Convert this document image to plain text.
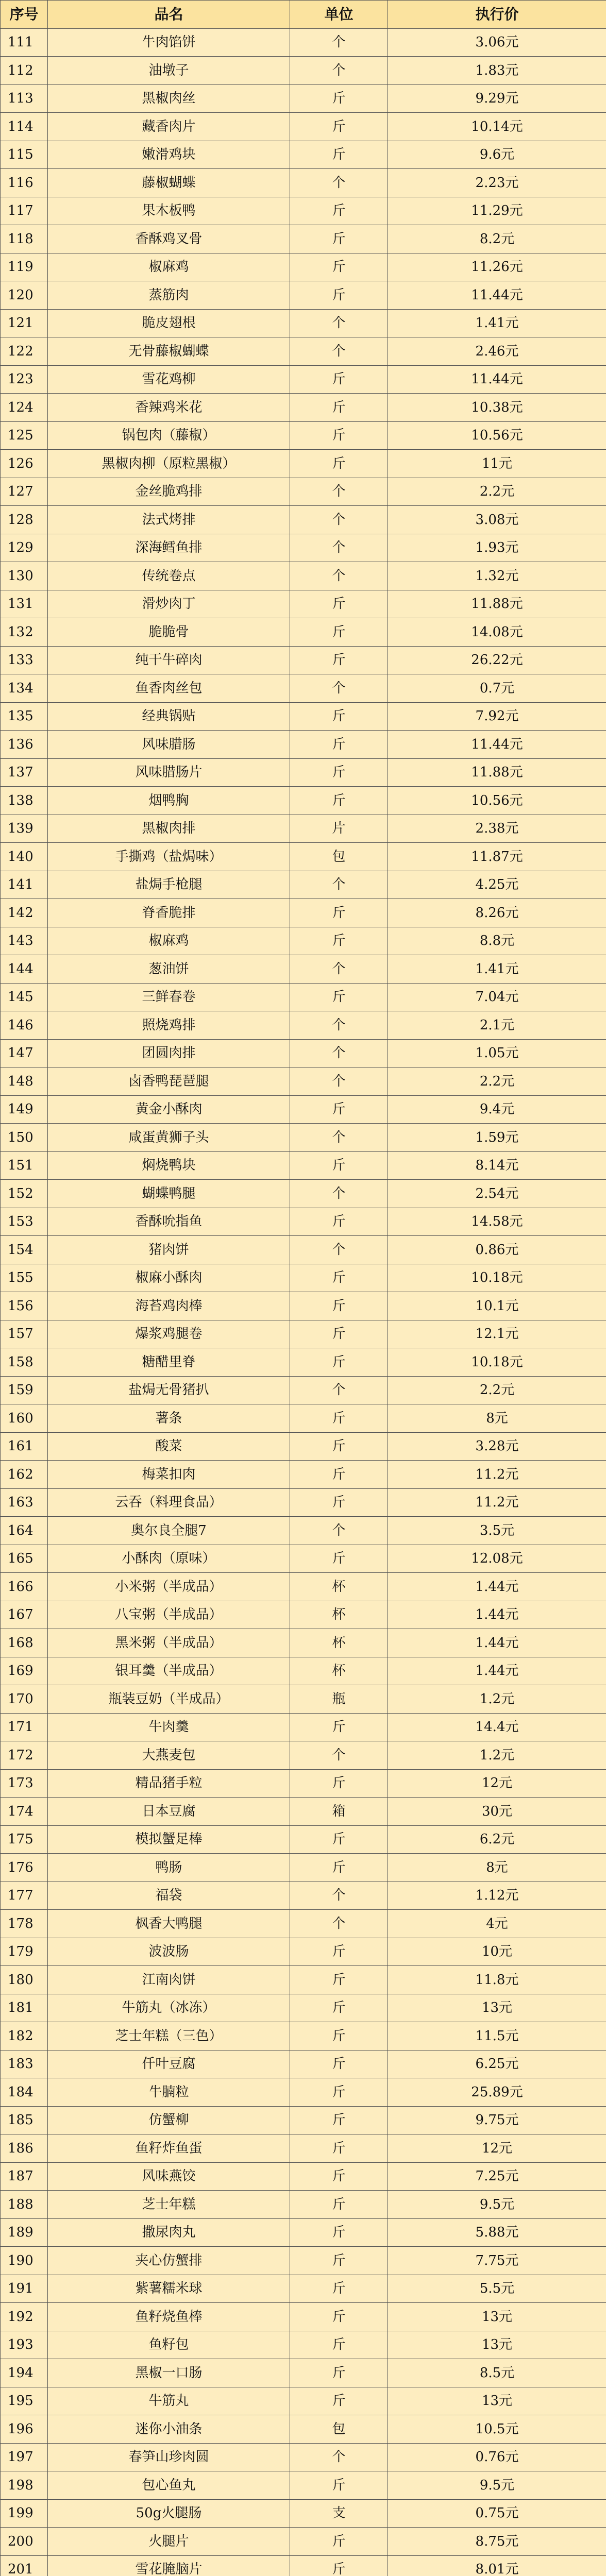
序号	品名	单位	执行价
111	牛肉馅饼	个	3.06元
112	油墩子	个	1.83元
113	黑椒肉丝	斤	9.29元
114	藏香肉片	斤	10.14元
115	嫩滑鸡块	斤	9.6元
116	藤椒蝴蝶	个	2.23元
117	果木板鸭	斤	11.29元
118	香酥鸡叉骨	斤	8.2元
119	椒麻鸡	斤	11.26元
120	蒸筋肉	斤	11.44元
121	脆皮翅根	个	1.41元
122	无骨藤椒蝴蝶	个	2.46元
123	雪花鸡柳	斤	11.44元
124	香辣鸡米花	斤	10.38元
125	锅包肉（藤椒）	斤	10.56元
126	黑椒肉柳（原粒黑椒）	斤	11元
127	金丝脆鸡排	个	2.2元
128	法式烤排	个	3.08元
129	深海鳕鱼排	个	1.93元
130	传统卷点	个	1.32元
131	滑炒肉丁	斤	11.88元
132	脆脆骨	斤	14.08元
133	纯干牛碎肉	斤	26.22元
134	鱼香肉丝包	个	0.7元
135	经典锅贴	斤	7.92元
136	风味腊肠	斤	11.44元
137	风味腊肠片	斤	11.88元
138	烟鸭胸	斤	10.56元
139	黑椒肉排	片	2.38元
140	手撕鸡（盐焗味）	包	11.87元
141	盐焗手枪腿	个	4.25元
142	脊香脆排	斤	8.26元
143	椒麻鸡	斤	8.8元
144	葱油饼	个	1.41元
145	三鲜春卷	斤	7.04元
146	照烧鸡排	个	2.1元
147	团圆肉排	个	1.05元
148	卤香鸭琵琶腿	个	2.2元
149	黄金小酥肉	斤	9.4元
150	咸蛋黄狮子头	个	1.59元
151	焖烧鸭块	斤	8.14元
152	蝴蝶鸭腿	个	2.54元
153	香酥吮指鱼	斤	14.58元
154	猪肉饼	个	0.86元
155	椒麻小酥肉	斤	10.18元
156	海苔鸡肉棒	斤	10.1元
157	爆浆鸡腿卷	斤	12.1元
158	糖醋里脊	斤	10.18元
159	盐焗无骨猪扒	个	2.2元
160	薯条	斤	8元
161	酸菜	斤	3.28元
162	梅菜扣肉	斤	11.2元
163	云吞（料理食品）	斤	11.2元
164	奥尔良全腿7	个	3.5元
165	小酥肉（原味）	斤	12.08元
166	小米粥（半成品）	杯	1.44元
167	八宝粥（半成品）	杯	1.44元
168	黑米粥（半成品）	杯	1.44元
169	银耳羹（半成品）	杯	1.44元
170	瓶装豆奶（半成品）	瓶	1.2元
171	牛肉羹	斤	14.4元
172	大燕麦包	个	1.2元
173	精品猪手粒	斤	12元
174	日本豆腐	箱	30元
175	模拟蟹足棒	斤	6.2元
176	鸭肠	斤	8元
177	福袋	个	1.12元
178	枫香大鸭腿	个	4元
179	波波肠	斤	10元
180	江南肉饼	斤	11.8元
181	牛筋丸（冰冻）	斤	13元
182	芝士年糕（三色）	斤	11.5元
183	仟叶豆腐	斤	6.25元
184	牛腩粒	斤	25.89元
185	仿蟹柳	斤	9.75元
186	鱼籽炸鱼蛋	斤	12元
187	风味燕饺	斤	7.25元
188	芝士年糕	斤	9.5元
189	撒尿肉丸	斤	5.88元
190	夹心仿蟹排	斤	7.75元
191	紫薯糯米球	斤	5.5元
192	鱼籽烧鱼棒	斤	13元
193	鱼籽包	斤	13元
194	黑椒一口肠	斤	8.5元
195	牛筋丸	斤	13元
196	迷你小油条	包	10.5元
197	春笋山珍肉圆	个	0.76元
198	包心鱼丸	斤	9.5元
199	50g火腿肠	支	0.75元
200	火腿片	斤	8.75元
201	雪花腌脑片	斤	8.01元
